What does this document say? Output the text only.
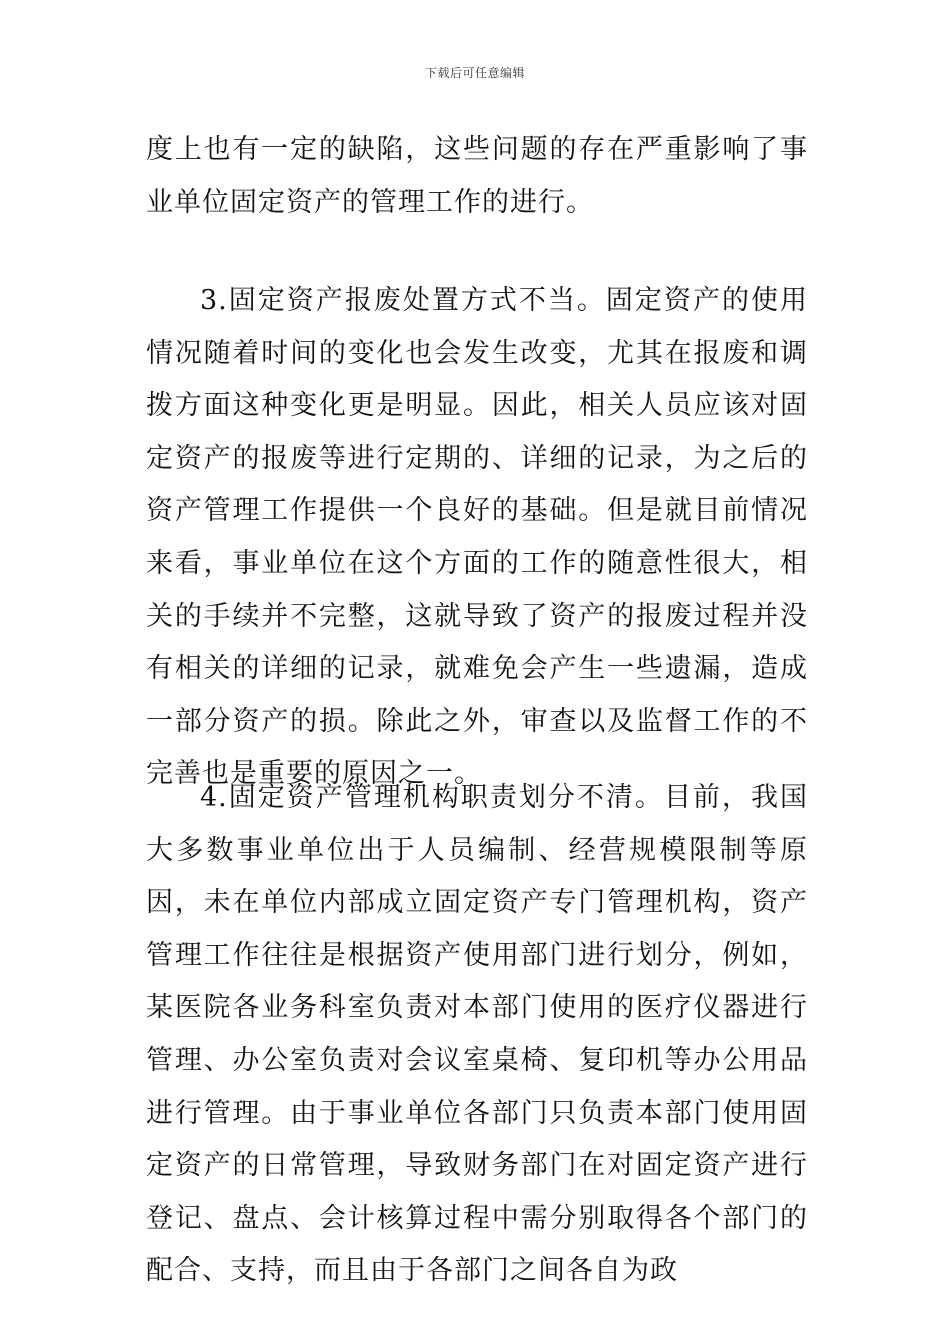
下载后可任意编辑

度上也有一定的缺陷，这些问题的存在严重影响了事业单位固定资产的管理工作的进行。

3.固定资产报废处置方式不当。固定资产的使用情况随着时间的变化也会发生改变，尤其在报废和调拨方面这种变化更是明显。因此，相关人员应该对固定资产的报废等进行定期的、详细的记录，为之后的资产管理工作提供一个良好的基础。但是就目前情况来看，事业单位在这个方面的工作的随意性很大，相关的手续并不完整，这就导致了资产的报废过程并没有相关的详细的记录，就难免会产生一些遗漏，造成一部分资产的损。除此之外，审查以及监督工作的不完善也是重要的原因之一。

4.固定资产管理机构职责划分不清。目前，我国大多数事业单位出于人员编制、经营规模限制等原因，未在单位内部成立固定资产专门管理机构，资产管理工作往往是根据资产使用部门进行划分，例如，某医院各业务科室负责对本部门使用的医疗仪器进行管理、办公室负责对会议室桌椅、复印机等办公用品进行管理。由于事业单位各部门只负责本部门使用固定资产的日常管理，导致财务部门在对固定资产进行登记、盘点、会计核算过程中需分别取得各个部门的配合、支持，而且由于各部门之间各自为政
